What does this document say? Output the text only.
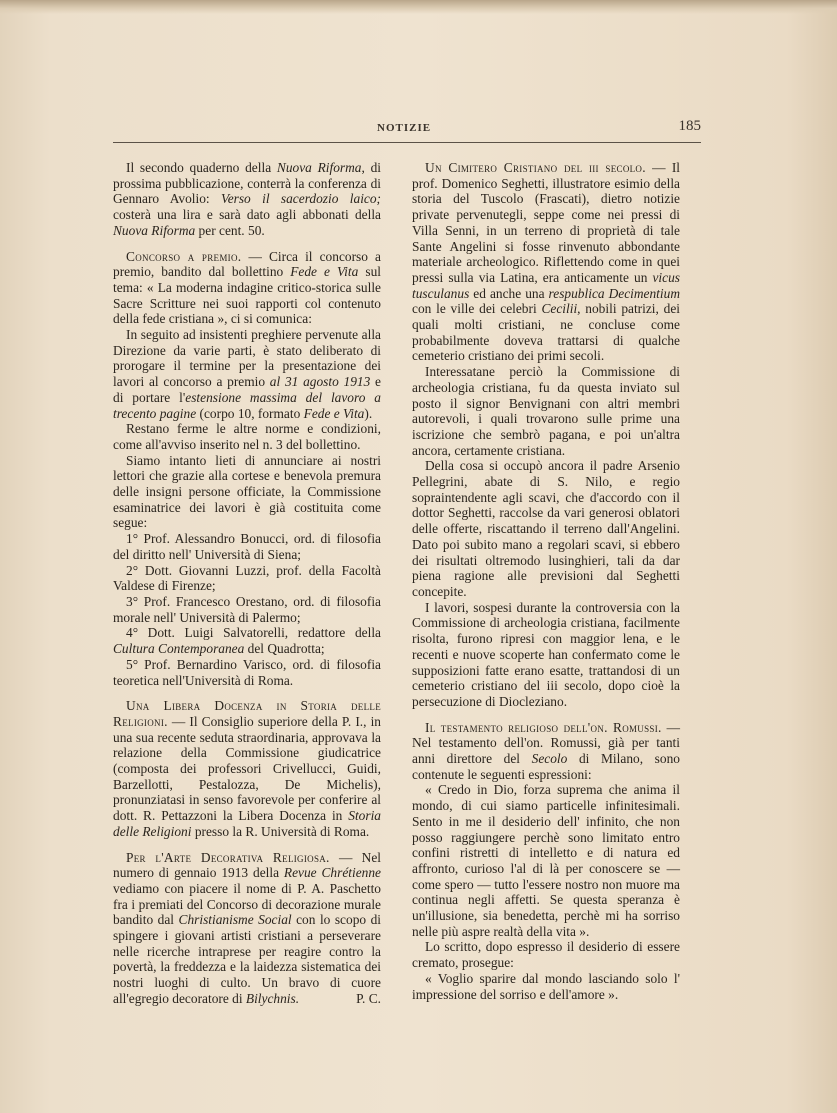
NOTIZIE	185

Il secondo quaderno della Nuova Riforma, di prossima pubblicazione, conterrà la conferenza di Gennaro Avolio: Verso il sacerdozio laico; costerà una lira e sarà dato agli abbonati della Nuova Riforma per cent. 50.

Concorso a premio. — Circa il concorso a premio, bandito dal bollettino Fede e Vita sul tema: « La moderna indagine critico-storica sulle Sacre Scritture nei suoi rapporti col contenuto della fede cristiana », ci si comunica:

In seguito ad insistenti preghiere pervenute alla Direzione da varie parti, è stato deliberato di prorogare il termine per la presentazione dei lavori al concorso a premio al 31 agosto 1913 e di portare l'estensione massima del lavoro a trecento pagine (corpo 10, formato Fede e Vita).

Restano ferme le altre norme e condizioni, come all'avviso inserito nel n. 3 del bollettino.

Siamo intanto lieti di annunciare ai nostri lettori che grazie alla cortese e benevola premura delle insigni persone officiate, la Commissione esaminatrice dei lavori è già costituita come segue:

1° Prof. Alessandro Bonucci, ord. di filosofia del diritto nell' Università di Siena;

2° Dott. Giovanni Luzzi, prof. della Facoltà Valdese di Firenze;

3° Prof. Francesco Orestano, ord. di filosofia morale nell' Università di Palermo;

4° Dott. Luigi Salvatorelli, redattore della Cultura Contemporanea del Quadrotta;

5° Prof. Bernardino Varisco, ord. di filosofia teoretica nell'Università di Roma.

Una Libera Docenza in Storia delle Religioni. — Il Consiglio superiore della P. I., in una sua recente seduta straordinaria, approvava la relazione della Commissione giudicatrice (composta dei professori Crivellucci, Guidi, Barzellotti, Pestalozza, De Michelis), pronunziatasi in senso favorevole per conferire al dott. R. Pettazzoni la Libera Docenza in Storia delle Religioni presso la R. Università di Roma.

Per l'Arte Decorativa Religiosa. — Nel numero di gennaio 1913 della Revue Chrétienne vediamo con piacere il nome di P. A. Paschetto fra i premiati del Concorso di decorazione murale bandito dal Christianisme Social con lo scopo di spingere i giovani artisti cristiani a perseverare nelle ricerche intraprese per reagire contro la povertà, la freddezza e la laidezza sistematica dei nostri luoghi di culto. Un bravo di cuore all'egregio decoratore di Bilychnis.	P. C.

Un Cimitero Cristiano del iii secolo. — Il prof. Domenico Seghetti, illustratore esimio della storia del Tuscolo (Frascati), dietro notizie private pervenutegli, seppe come nei pressi di Villa Senni, in un terreno di proprietà di tale Sante Angelini si fosse rinvenuto abbondante materiale archeologico. Riflettendo come in quei pressi sulla via Latina, era anticamente un vicus tusculanus ed anche una respublica Decimentium con le ville dei celebri Cecilii, nobili patrizi, dei quali molti cristiani, ne concluse come probabilmente doveva trattarsi di qualche cemeterio cristiano dei primi secoli.

Interessatane perciò la Commissione di archeologia cristiana, fu da questa inviato sul posto il signor Benvignani con altri membri autorevoli, i quali trovarono sulle prime una iscrizione che sembrò pagana, e poi un'altra ancora, certamente cristiana.

Della cosa si occupò ancora il padre Arsenio Pellegrini, abate di S. Nilo, e regio sopraintendente agli scavi, che d'accordo con il dottor Seghetti, raccolse da vari generosi oblatori delle offerte, riscattando il terreno dall'Angelini. Dato poi subito mano a regolari scavi, si ebbero dei risultati oltremodo lusinghieri, tali da dar piena ragione alle previsioni dal Seghetti concepite.

I lavori, sospesi durante la controversia con la Commissione di archeologia cristiana, facilmente risolta, furono ripresi con maggior lena, e le recenti e nuove scoperte han confermato come le supposizioni fatte erano esatte, trattandosi di un cemeterio cristiano del iii secolo, dopo cioè la persecuzione di Diocleziano.

Il testamento religioso dell'on. Romussi. — Nel testamento dell'on. Romussi, già per tanti anni direttore del Secolo di Milano, sono contenute le seguenti espressioni:

« Credo in Dio, forza suprema che anima il mondo, di cui siamo particelle infinitesimali. Sento in me il desiderio dell' infinito, che non posso raggiungere perchè sono limitato entro confini ristretti di intelletto e di natura ed affronto, curioso l'al di là per conoscere se — come spero — tutto l'essere nostro non muore ma continua negli affetti. Se questa speranza è un'illusione, sia benedetta, perchè mi ha sorriso nelle più aspre realtà della vita ».

Lo scritto, dopo espresso il desiderio di essere cremato, prosegue:

« Voglio sparire dal mondo lasciando solo l' impressione del sorriso e dell'amore ».
